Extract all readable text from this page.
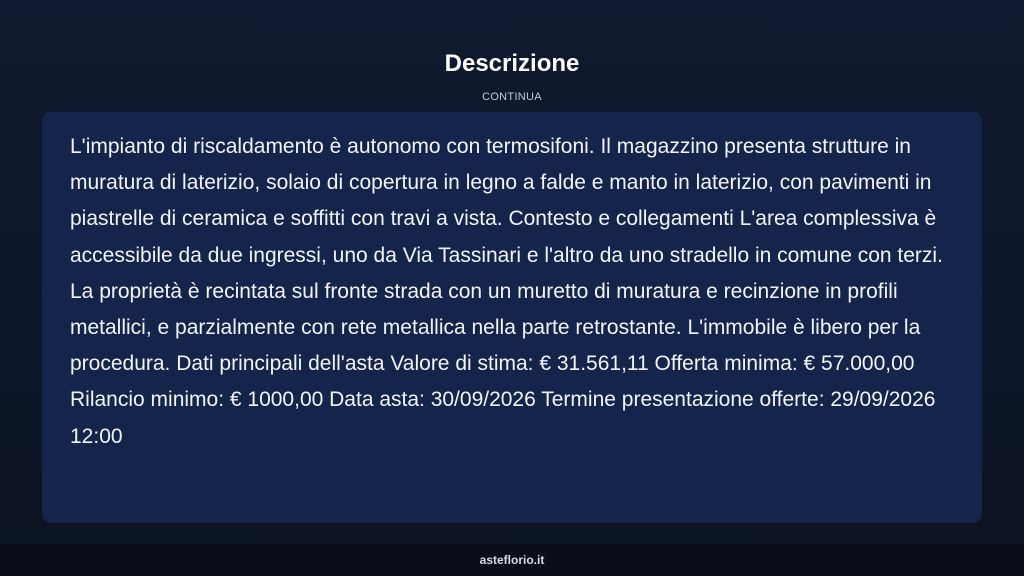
Descrizione
CONTINUA

L'impianto di riscaldamento è autonomo con termosifoni. Il magazzino presenta strutture in muratura di laterizio, solaio di copertura in legno a falde e manto in laterizio, con pavimenti in piastrelle di ceramica e soffitti con travi a vista. Contesto e collegamenti L'area complessiva è accessibile da due ingressi, uno da Via Tassinari e l'altro da uno stradello in comune con terzi. La proprietà è recintata sul fronte strada con un muretto di muratura e recinzione in profili metallici, e parzialmente con rete metallica nella parte retrostante. L'immobile è libero per la procedura. Dati principali dell'asta Valore di stima: € 31.561,11 Offerta minima: € 57.000,00 Rilancio minimo: € 1000,00 Data asta: 30/09/2026 Termine presentazione offerte: 29/09/2026 12:00

asteflorio.it
